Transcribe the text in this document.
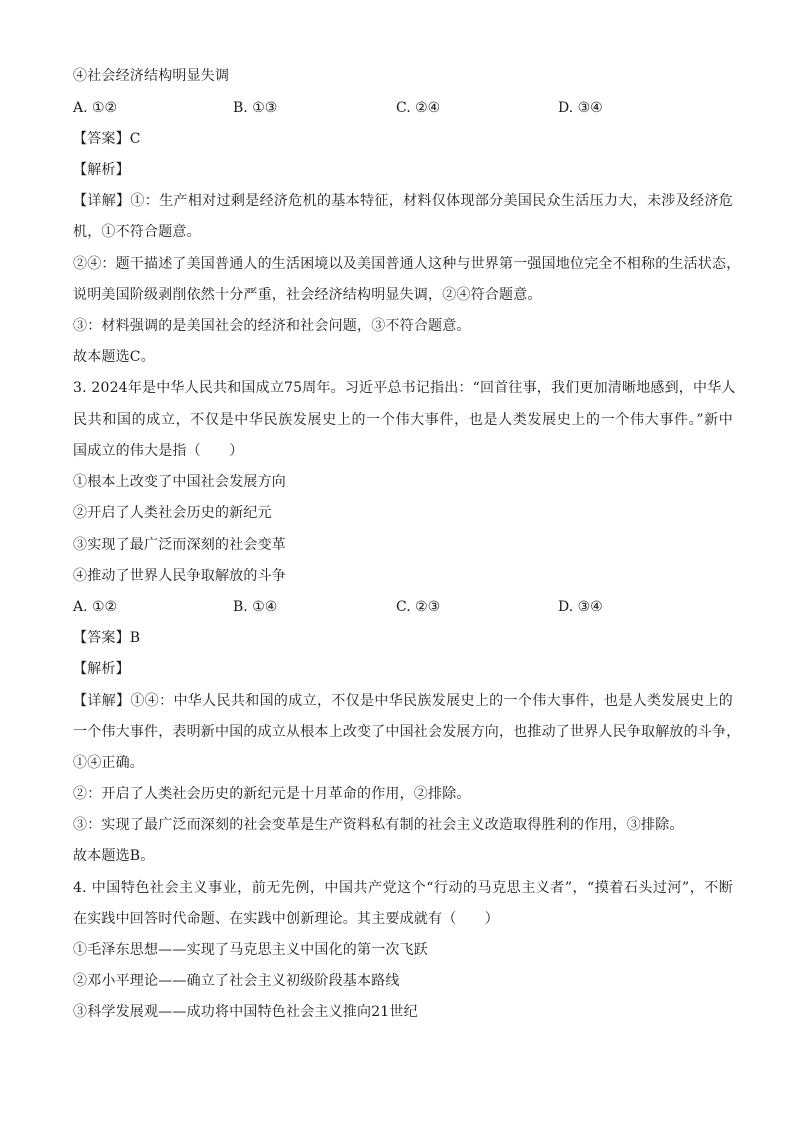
④社会经济结构明显失调
A. ①②	B. ①③	C. ②④	D. ③④
【答案】C
【解析】
【详解】①：生产相对过剩是经济危机的基本特征，材料仅体现部分美国民众生活压力大，未涉及经济危
机，①不符合题意。
②④：题干描述了美国普通人的生活困境以及美国普通人这种与世界第一强国地位完全不相称的生活状态，
说明美国阶级剥削依然十分严重，社会经济结构明显失调，②④符合题意。
③：材料强调的是美国社会的经济和社会问题，③不符合题意。
故本题选C。
3. 2024年是中华人民共和国成立75周年。习近平总书记指出：“回首往事，我们更加清晰地感到，中华人
民共和国的成立，不仅是中华民族发展史上的一个伟大事件，也是人类发展史上的一个伟大事件。”新中
国成立的伟大是指（　　）
①根本上改变了中国社会发展方向
②开启了人类社会历史的新纪元
③实现了最广泛而深刻的社会变革
④推动了世界人民争取解放的斗争
A. ①②	B. ①④	C. ②③	D. ③④
【答案】B
【解析】
【详解】①④：中华人民共和国的成立，不仅是中华民族发展史上的一个伟大事件，也是人类发展史上的
一个伟大事件，表明新中国的成立从根本上改变了中国社会发展方向，也推动了世界人民争取解放的斗争，
①④正确。
②：开启了人类社会历史的新纪元是十月革命的作用，②排除。
③：实现了最广泛而深刻的社会变革是生产资料私有制的社会主义改造取得胜利的作用，③排除。
故本题选B。
4. 中国特色社会主义事业，前无先例，中国共产党这个“行动的马克思主义者”，“摸着石头过河”，不断
在实践中回答时代命题、在实践中创新理论。其主要成就有（　　）
①毛泽东思想——实现了马克思主义中国化的第一次飞跃
②邓小平理论——确立了社会主义初级阶段基本路线
③科学发展观——成功将中国特色社会主义推向21世纪
